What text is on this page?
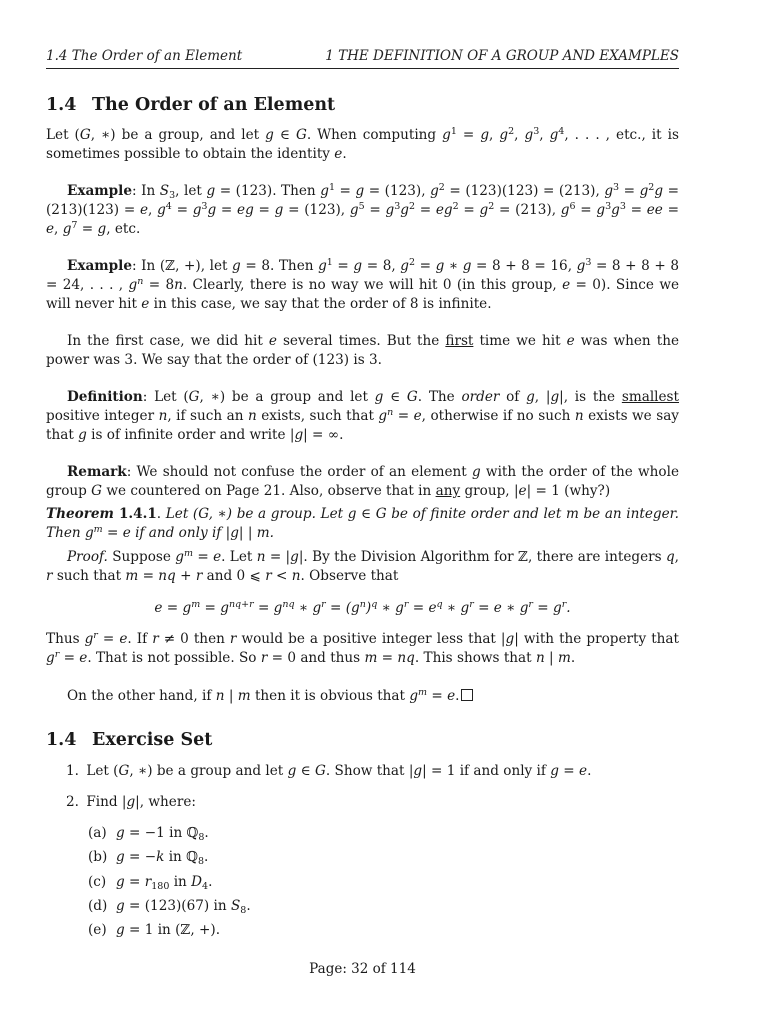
1.4 The Order of an Element	1 THE DEFINITION OF A GROUP AND EXAMPLES
1.4 The Order of an Element
Let (G, ∗) be a group, and let g ∈ G. When computing $g^1 = g$, $g^2$, $g^3$, $g^4$, . . . , etc., it is sometimes possible to obtain the identity e.
Example: In $S_3$, let g = (123). Then $g^1 = g = (123)$, $g^2 = (123)(123) = (213)$, $g^3 = g^2g = (213)(123) = e$, $g^4 = g^3g$ = eg = g = (123), $g^5 = g^3g^2 = eg^2 = g^2 = (213)$, $g^6 = g^3g^3$ = ee = e, $g^7 = g$, etc.
Example: In (ℤ, +), let g = 8. Then $g^1 = g = 8$, $g^2 = g$ ∗ g = 8 + 8 = 16, $g^3 = 8 + 8 + 8 = 24$, . . . , $g^n = 8n$. Clearly, there is no way we will hit 0 (in this group, e = 0). Since we will never hit e in this case, we say that the order of 8 is infinite.
In the first case, we did hit e several times. But the first time we hit e was when the power was 3. We say that the order of (123) is 3.
Definition: Let (G, ∗) be a group and let g ∈ G. The order of g, |g|, is the smallest positive integer n, if such an n exists, such that $g^n = e$, otherwise if no such n exists we say that g is of infinite order and write |g| = ∞.
Remark: We should not confuse the order of an element g with the order of the whole group G we countered on Page 21. Also, observe that in any group, |e| = 1 (why?)
Theorem 1.4.1. Let (G, ∗) be a group. Let g ∈ G be of finite order and let m be an integer. Then $g^m = e$ if and only if |g| | m.
Proof. Suppose $g^m = e$. Let n = |g|. By the Division Algorithm for ℤ, there are integers q, r such that m = nq + r and 0 ⩽ r < n. Observe that
$e = g^m = g^{nq+r} = g^{nq}$ ∗ $g^r = (g^n)^q$ ∗ $g^r = e^q$ ∗ $g^r = e$ ∗ $g^r = g^r$.
Thus $g^r = e$. If r ≠ 0 then r would be a positive integer less that |g| with the property that $g^r = e$. That is not possible. So r = 0 and thus m = nq. This shows that n | m.
On the other hand, if n | m then it is obvious that $g^m = e$.
1.4 Exercise Set
1. Let (G, ∗) be a group and let g ∈ G. Show that |g| = 1 if and only if g = e.
2. Find |g|, where:
(a) g = −1 in ℚ$_8$.
(b) g = −k in ℚ$_8$.
(c) $g = r_{180}$ in $D_4$.
(d) g = (123)(67) in $S_8$.
(e) g = 1 in (ℤ, +).
Page: 32 of 114
